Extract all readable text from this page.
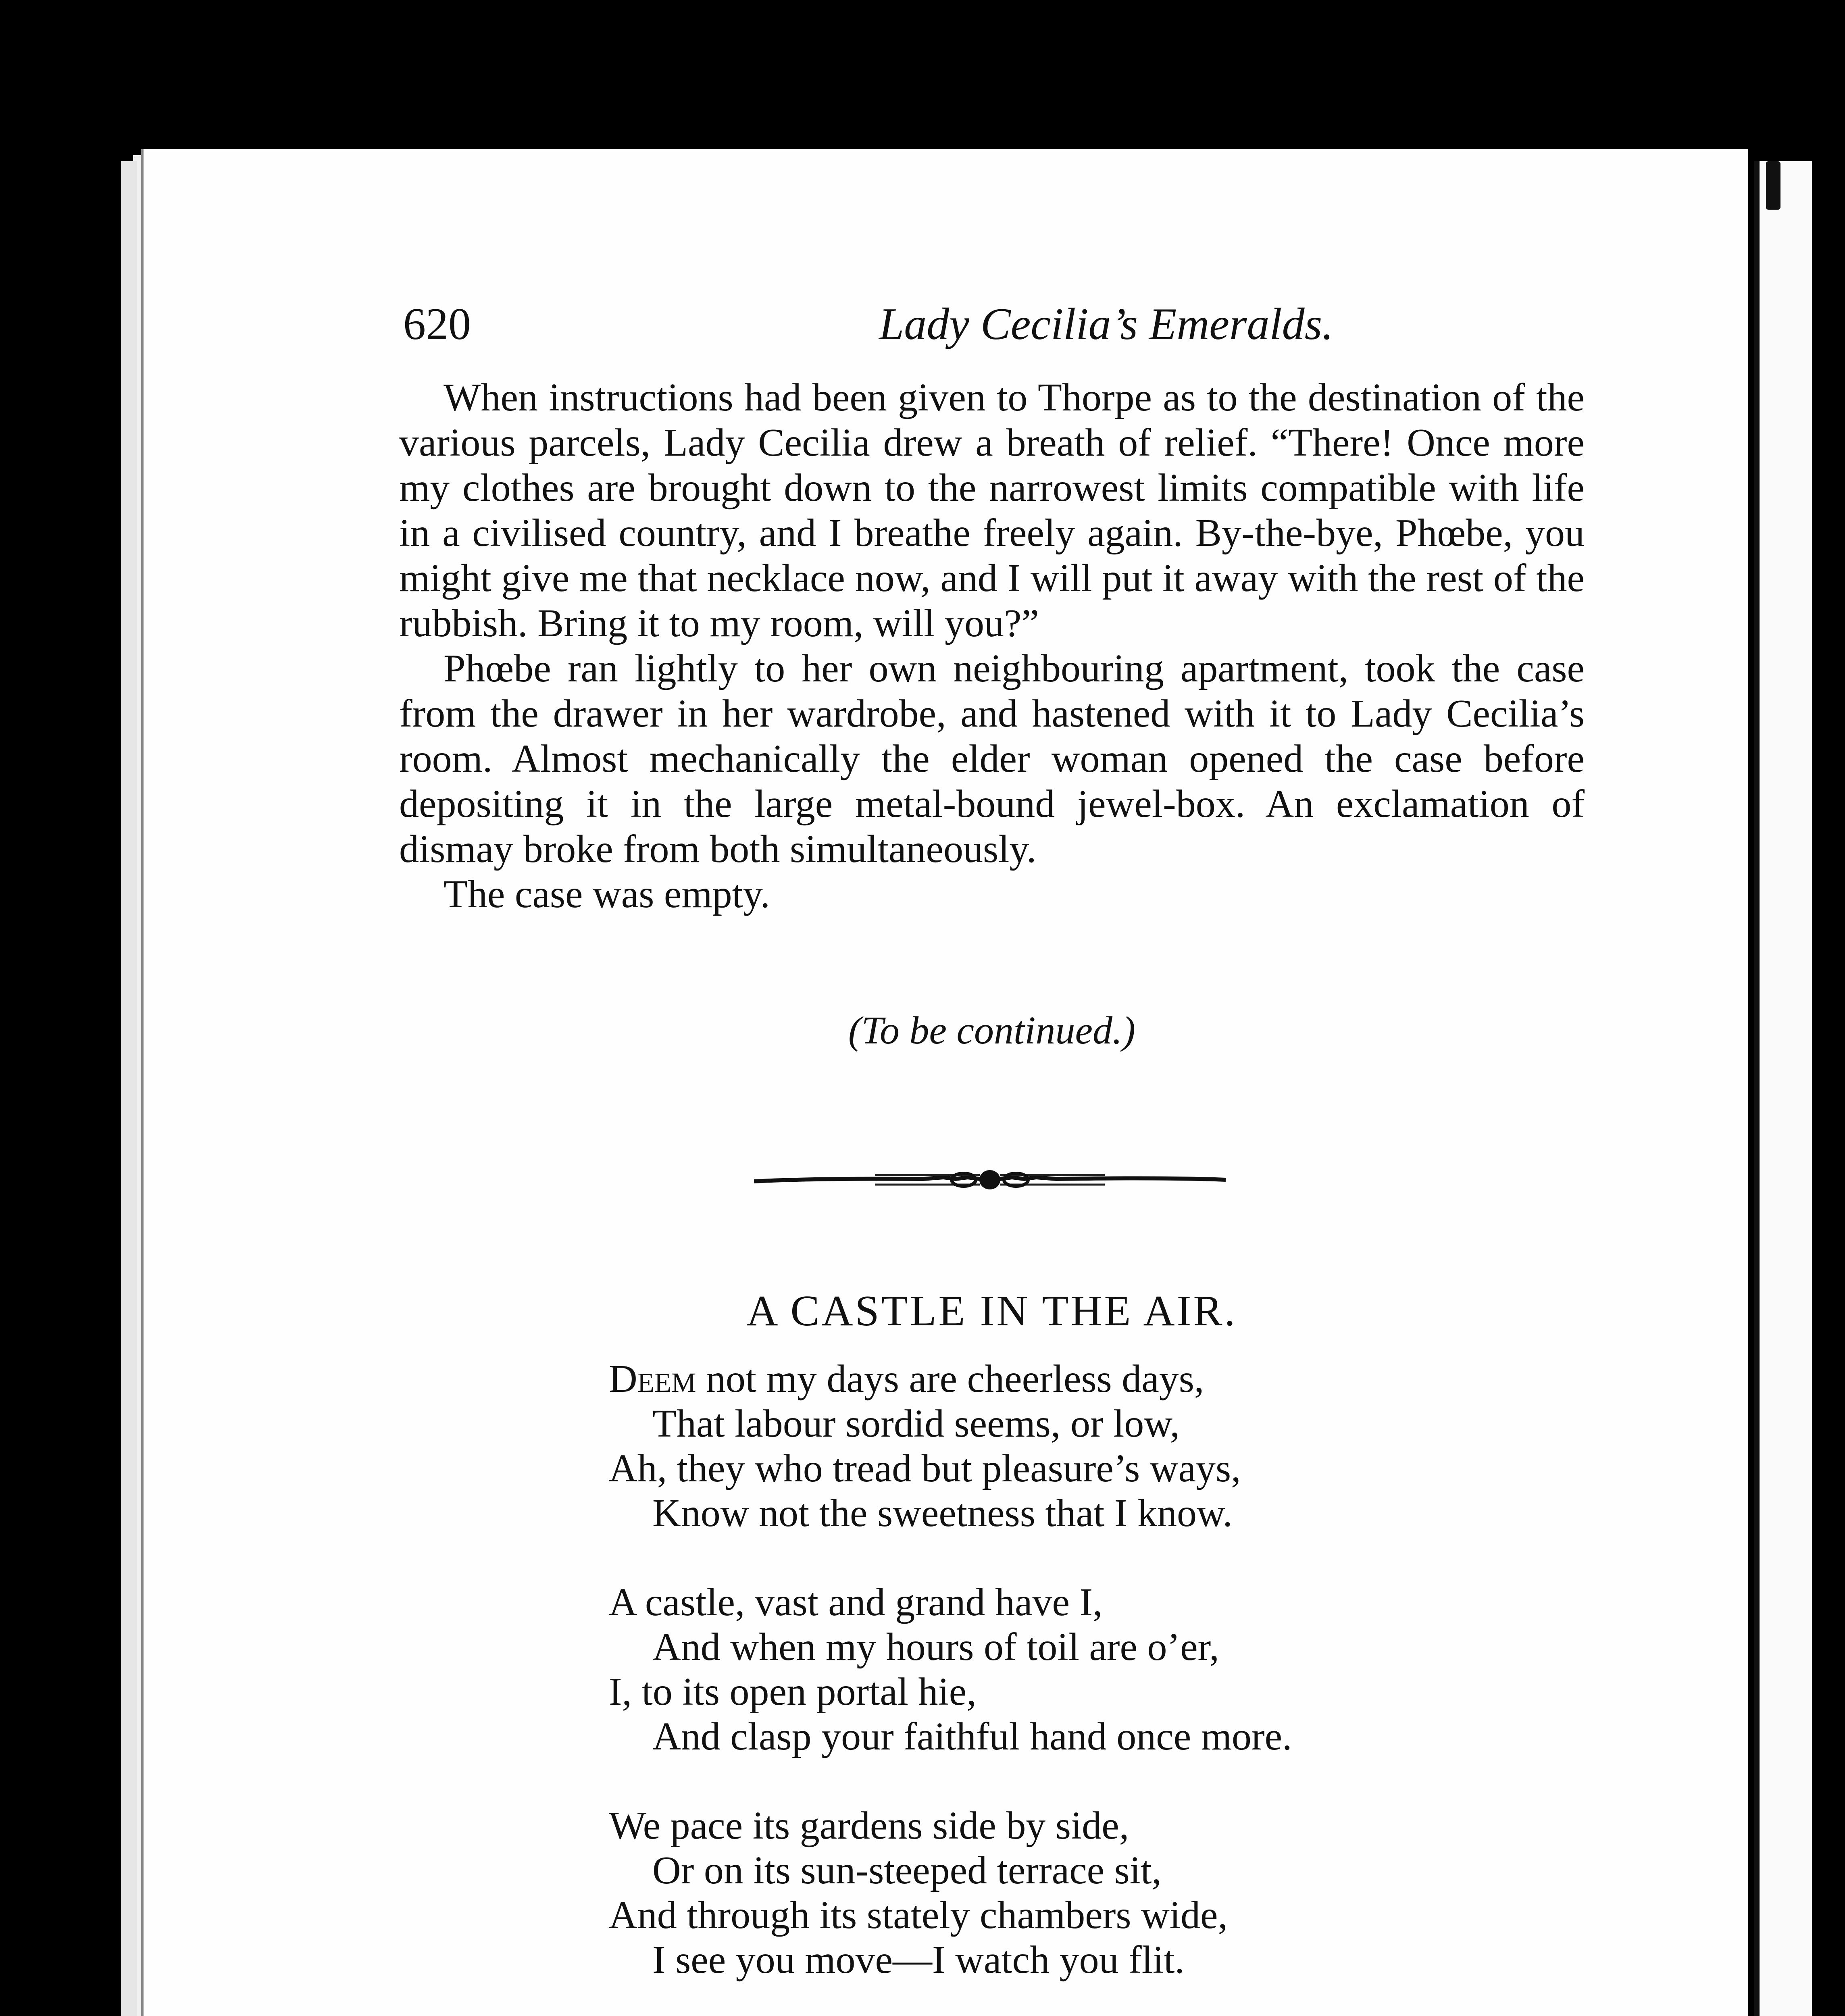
620	Lady Cecilia’s Emeralds.

When instructions had been given to Thorpe as to the destination of the various parcels, Lady Cecilia drew a breath of relief. “There! Once more my clothes are brought down to the narrowest limits compatible with life in a civilised country, and I breathe freely again. By-the-bye, Phœbe, you might give me that necklace now, and I will put it away with the rest of the rubbish. Bring it to my room, will you?”

Phœbe ran lightly to her own neighbouring apartment, took the case from the drawer in her wardrobe, and hastened with it to Lady Cecilia’s room. Almost mechanically the elder woman opened the case before depositing it in the large metal-bound jewel-box. An exclamation of dismay broke from both simultaneously.

The case was empty.

(To be continued.)
A CASTLE IN THE AIR.
Deem not my days are cheerless days,
That labour sordid seems, or low,
Ah, they who tread but pleasure’s ways,
Know not the sweetness that I know.
A castle, vast and grand have I,
And when my hours of toil are o’er,
I, to its open portal hie,
And clasp your faithful hand once more.
We pace its gardens side by side,
Or on its sun-steeped terrace sit,
And through its stately chambers wide,
I see you move—I watch you flit.
